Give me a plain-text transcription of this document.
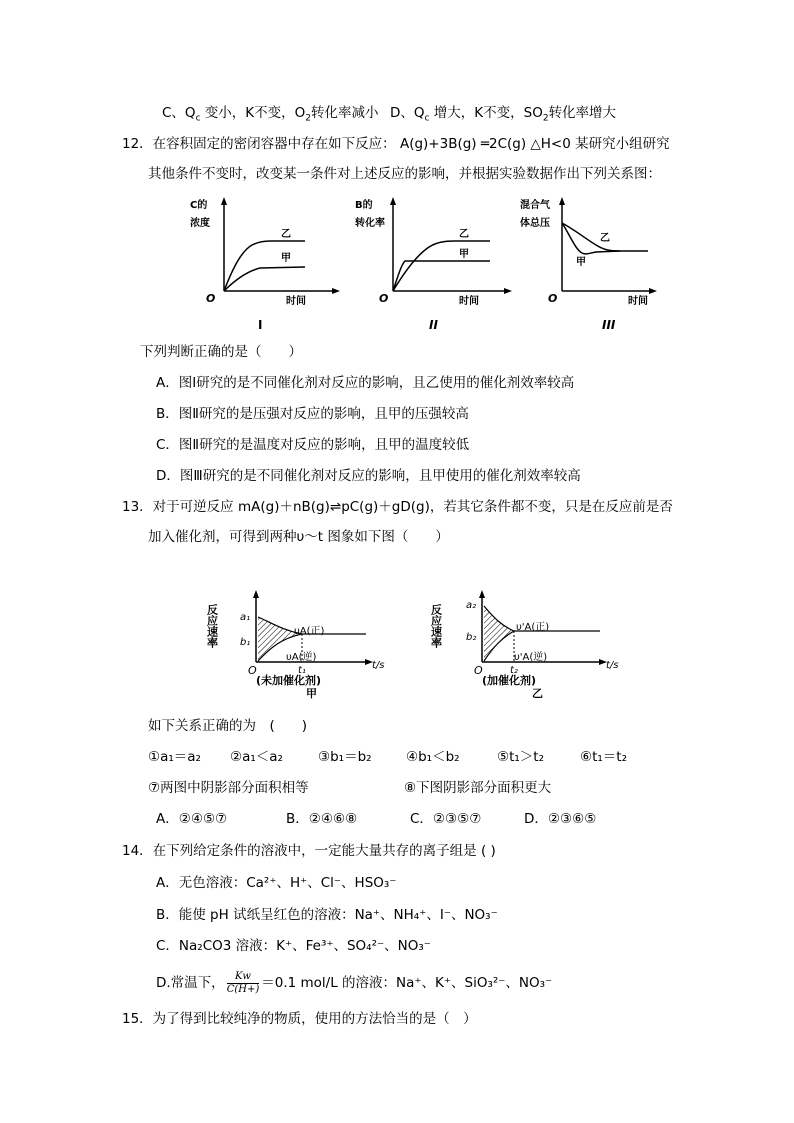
C、$Q_c$ 变小，K不变，$O_2$转化率减小 D、$Q_c$ 增大，K不变，$SO_2$转化率增大
12．在容积固定的密闭容器中存在如下反应： A(g)+3B(g) ═2C(g) △H<0 某研究小组研究
其他条件不变时，改变某一条件对上述反应的影响，并根据实验数据作出下列关系图：
C的
浓度
乙
甲
O	时间
I
B的
转化率
乙
甲
O	时间
II
混合气
体总压
乙
甲
O	时间
III
下列判断正确的是（　　）
A．图Ⅰ研究的是不同催化剂对反应的影响，且乙使用的催化剂效率较高
B．图Ⅱ研究的是压强对反应的影响，且甲的压强较高
C．图Ⅱ研究的是温度对反应的影响，且甲的温度较低
D．图Ⅲ研究的是不同催化剂对反应的影响，且甲使用的催化剂效率较高
13．对于可逆反应 mA(g)＋nB(g)⇌pC(g)＋gD(g)，若其它条件都不变，只是在反应前是否
加入催化剂，可得到两种υ～t 图象如下图（　　）
反应速率 a₁
b₁
υA(正)
υA(逆)
O	t₁	t/s
(未加催化剂)
甲
反应速率 a₂
b₂
υ'A(正)
υ'A(逆)
O	t₂	t/s
(加催化剂)
乙
如下关系正确的为　(　　)
①a₁＝a₂ ②a₁＜a₂	③b₁＝b₂	④b₁＜b₂	⑤t₁＞t₂	⑥t₁＝t₂
⑦两图中阴影部分面积相等	⑧下图阴影部分面积更大
A．②④⑤⑦	B．②④⑥⑧	C．②③⑤⑦	D．②③⑥⑤
14．在下列给定条件的溶液中，一定能大量共存的离子组是 ( )
A．无色溶液：Ca²⁺、H⁺、Cl⁻、HSO₃⁻
B．能使 pH 试纸呈红色的溶液：Na⁺、NH₄⁺、I⁻、NO₃⁻
C．Na₂CO3 溶液：K⁺、Fe³⁺、SO₄²⁻、NO₃⁻
D.常温下， $\frac{Kw}{C(H+)} =0.1$ mol/L 的溶液：Na⁺、K⁺、SiO₃²⁻、NO₃⁻
15．为了得到比较纯净的物质，使用的方法恰当的是（　）
